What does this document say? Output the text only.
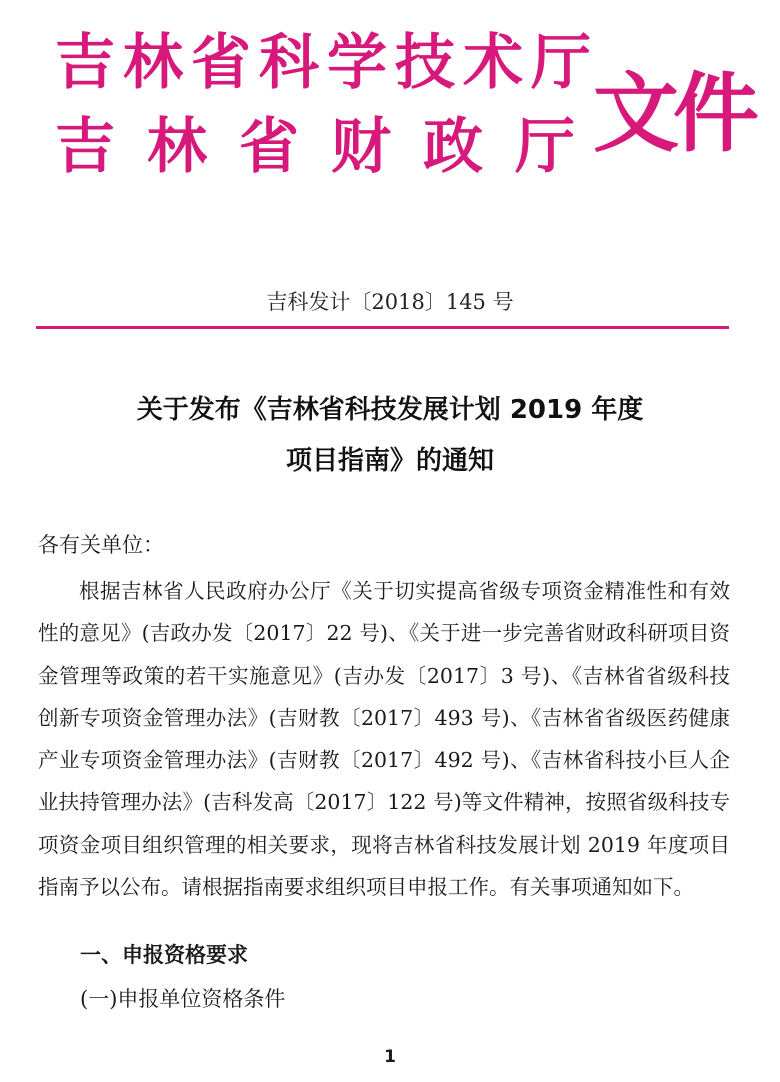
吉林省科学技术厅
吉林省财政厅
文件
吉科发计〔2018〕145 号
关于发布《吉林省科技发展计划 2019 年度
项目指南》的通知
各有关单位：

根据吉林省人民政府办公厅《关于切实提高省级专项资金精准性和有效性的意见》(吉政办发〔2017〕22 号)、《关于进一步完善省财政科研项目资金管理等政策的若干实施意见》(吉办发〔2017〕3 号)、《吉林省省级科技创新专项资金管理办法》(吉财教〔2017〕493 号)、《吉林省省级医药健康产业专项资金管理办法》(吉财教〔2017〕492 号)、《吉林省科技小巨人企业扶持管理办法》(吉科发高〔2017〕122 号)等文件精神，按照省级科技专项资金项目组织管理的相关要求，现将吉林省科技发展计划 2019 年度项目指南予以公布。请根据指南要求组织项目申报工作。有关事项通知如下。

一、申报资格要求
(一)申报单位资格条件
1
